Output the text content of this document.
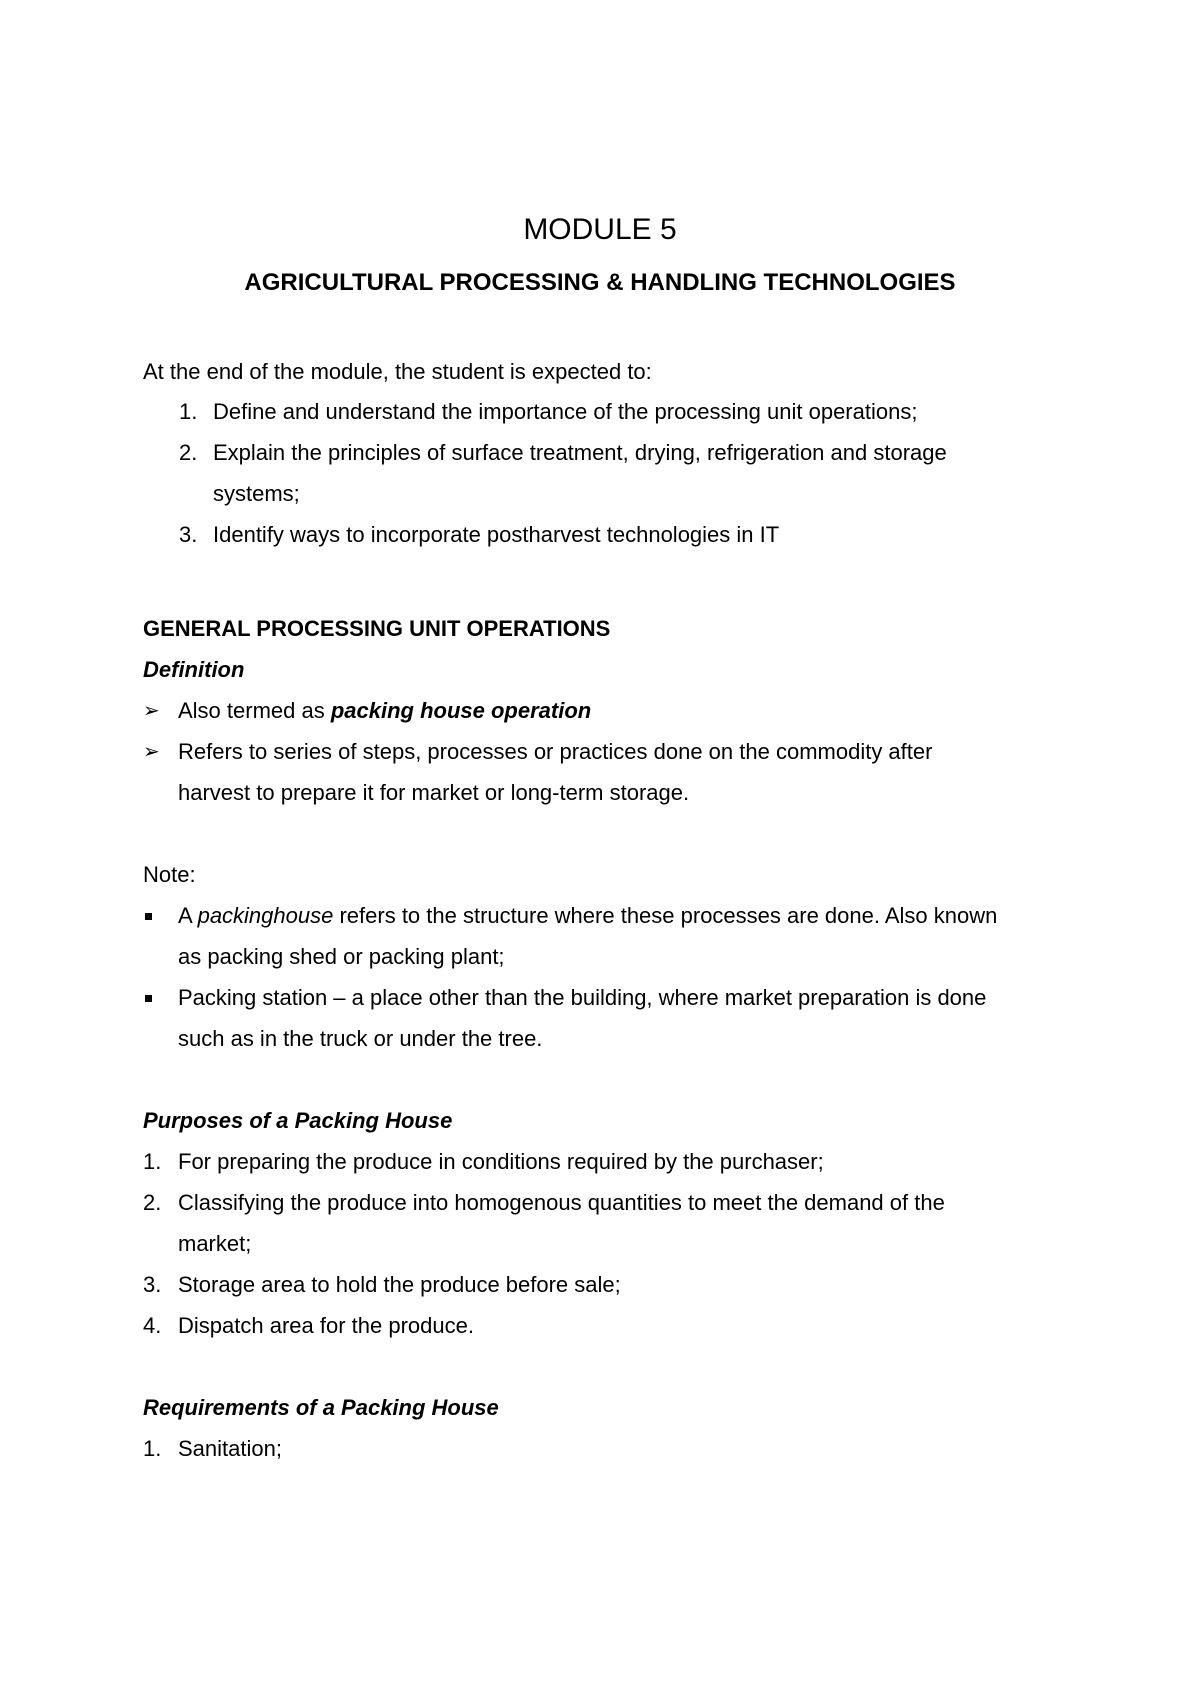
MODULE 5
AGRICULTURAL PROCESSING & HANDLING TECHNOLOGIES
At the end of the module, the student is expected to:
1. Define and understand the importance of the processing unit operations;
2. Explain the principles of surface treatment, drying, refrigeration and storage
systems;
3. Identify ways to incorporate postharvest technologies in IT
GENERAL PROCESSING UNIT OPERATIONS
Definition
➢ Also termed as packing house operation
➢ Refers to series of steps, processes or practices done on the commodity after
harvest to prepare it for market or long-term storage.
Note:
A packinghouse refers to the structure where these processes are done. Also known
as packing shed or packing plant;
Packing station – a place other than the building, where market preparation is done
such as in the truck or under the tree.
Purposes of a Packing House
1. For preparing the produce in conditions required by the purchaser;
2. Classifying the produce into homogenous quantities to meet the demand of the
market;
3. Storage area to hold the produce before sale;
4. Dispatch area for the produce.
Requirements of a Packing House
1. Sanitation;
